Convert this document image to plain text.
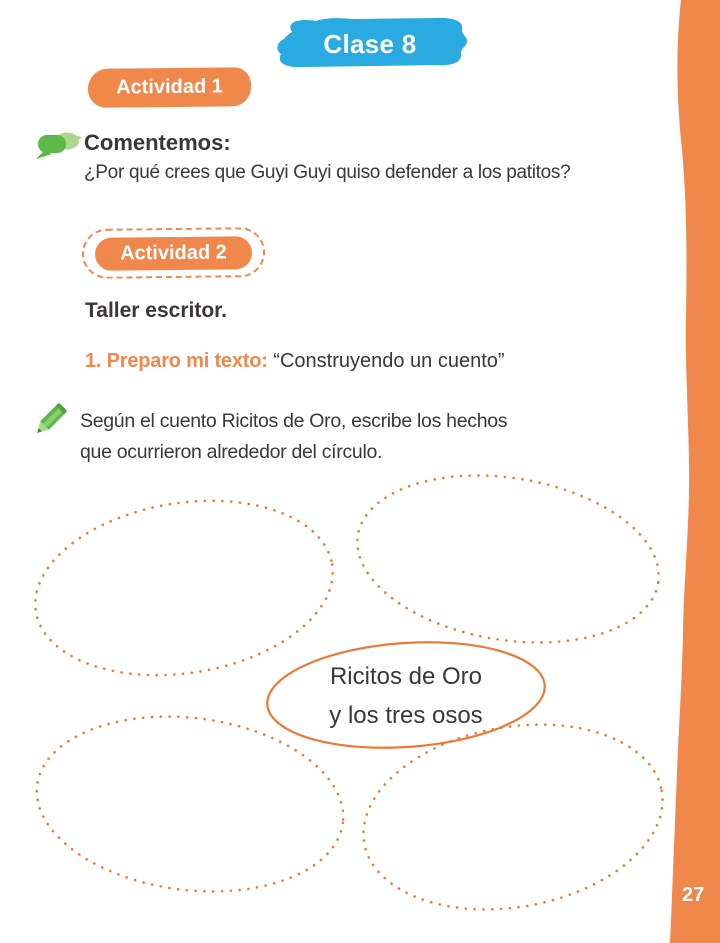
Clase 8
Actividad 1
Comentemos:
¿Por qué crees que Guyi Guyi quiso defender a los patitos?
Actividad 2
Taller escritor.
1. Preparo mi texto: “Construyendo un cuento”
Según el cuento Ricitos de Oro, escribe los hechos
que ocurrieron alrededor del círculo.
Ricitos de Oro
y los tres osos
27
